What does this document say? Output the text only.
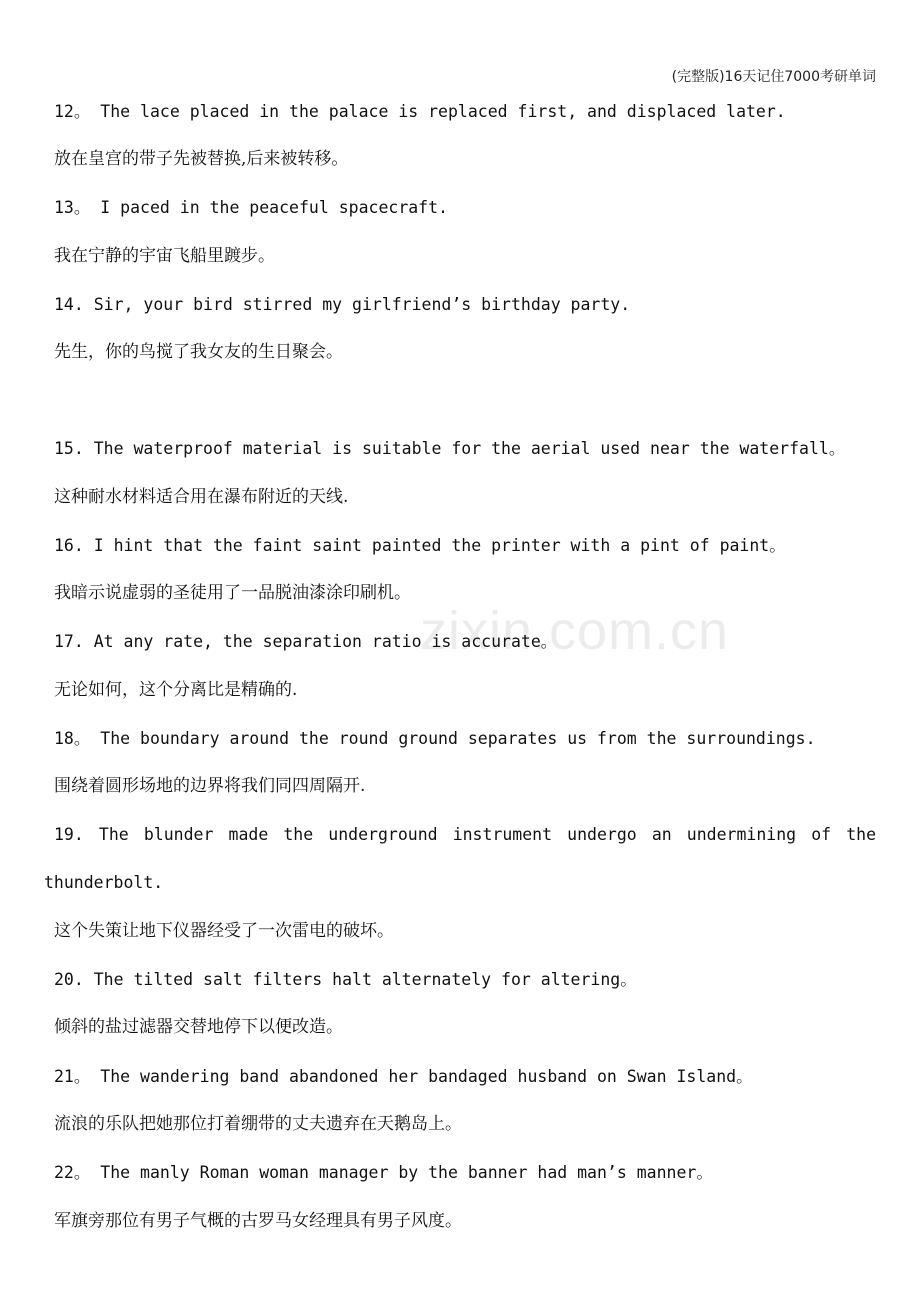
(完整版)16天记住7000考研单词
zixin.com.cn
12。 The lace placed in the palace is replaced first, and displaced later.
放在皇宫的带子先被替换,后来被转移。
13。 I paced in the peaceful spacecraft.
我在宁静的宇宙飞船里踱步。
14. Sir, your bird stirred my girlfriend’s birthday party.
先生，你的鸟搅了我女友的生日聚会。
15. The waterproof material is suitable for the aerial used near the waterfall。
这种耐水材料适合用在瀑布附近的天线.
16. I hint that the faint saint painted the printer with a pint of paint。
我暗示说虚弱的圣徒用了一品脱油漆涂印刷机。
17. At any rate, the separation ratio is accurate。
无论如何，这个分离比是精确的.
18。 The boundary around the round ground separates us from the surroundings.
围绕着圆形场地的边界将我们同四周隔开.
19. The blunder made the underground instrument undergo an undermining of the
thunderbolt.
这个失策让地下仪器经受了一次雷电的破坏。
20. The tilted salt filters halt alternately for altering。
倾斜的盐过滤器交替地停下以便改造。
21。 The wandering band abandoned her bandaged husband on Swan Island。
流浪的乐队把她那位打着绷带的丈夫遗弃在天鹅岛上。
22。 The manly Roman woman manager by the banner had man’s manner。
军旗旁那位有男子气概的古罗马女经理具有男子风度。
